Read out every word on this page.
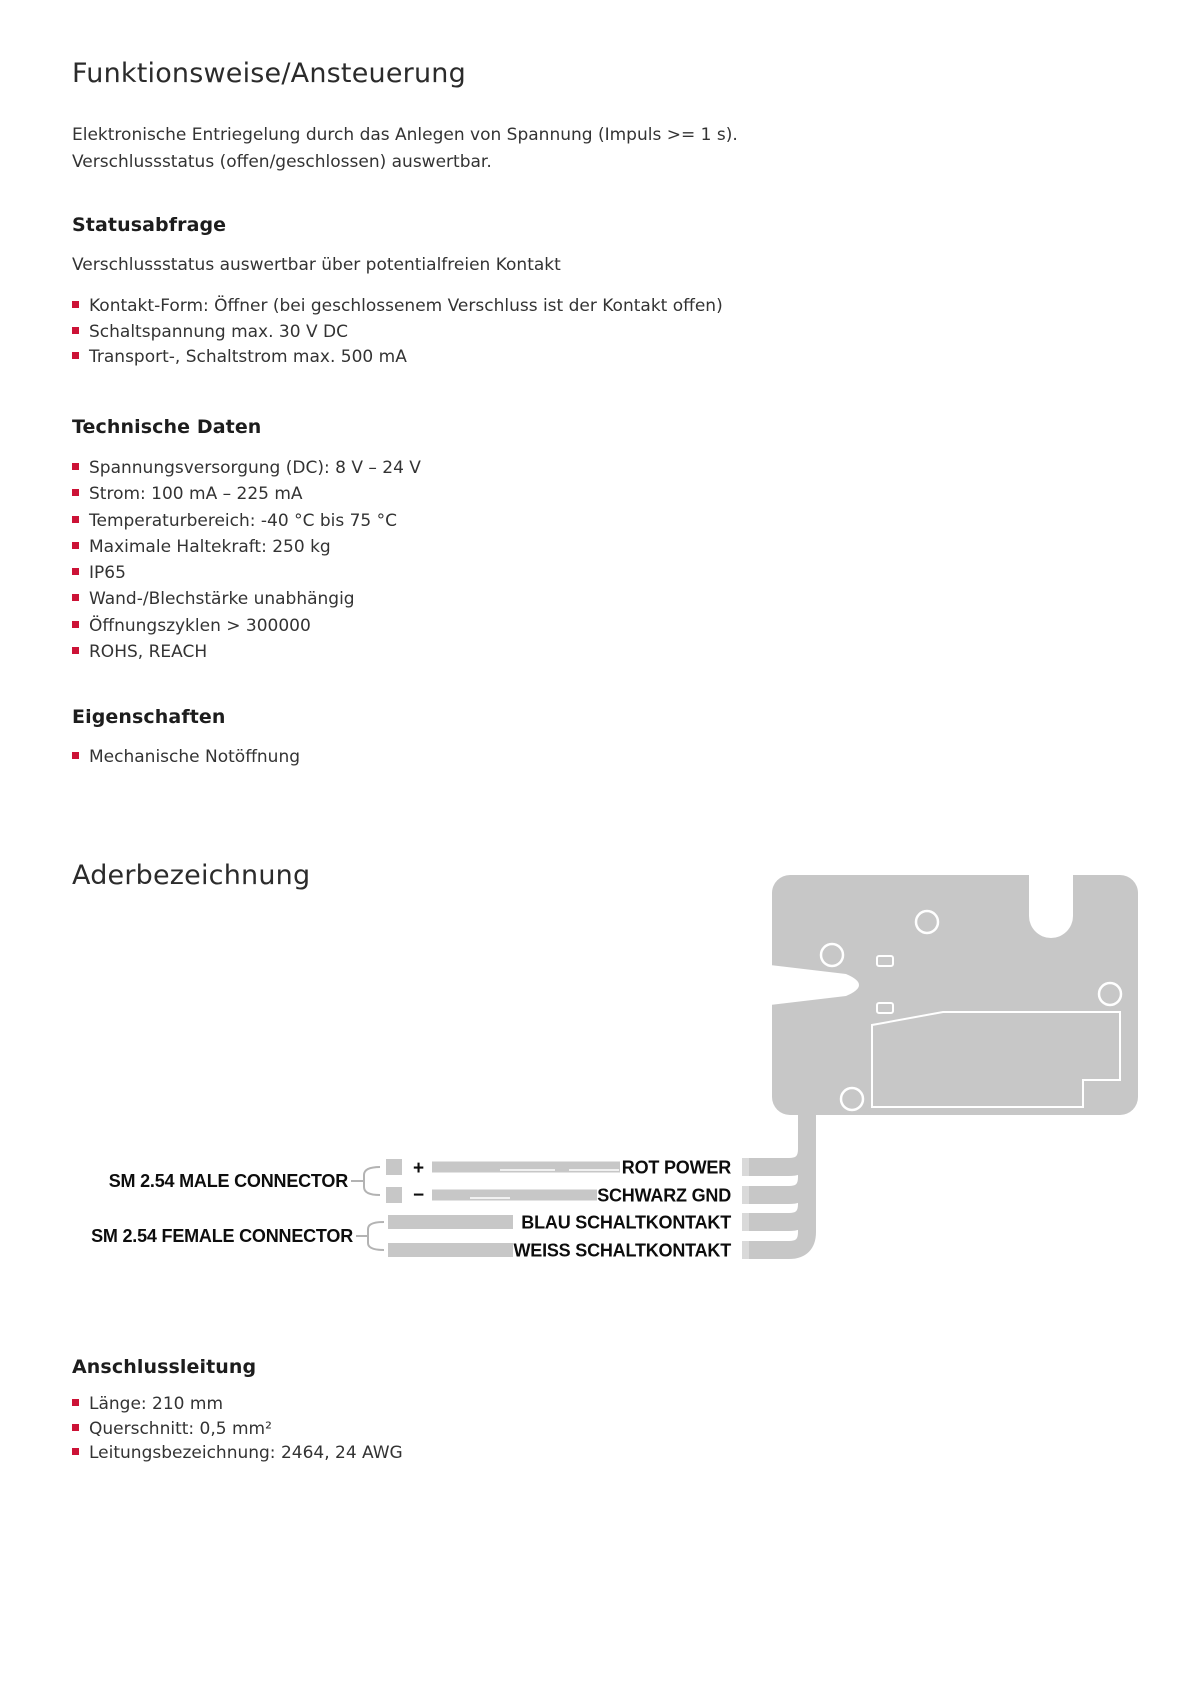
Funktionsweise/Ansteuerung
Elektronische Entriegelung durch das Anlegen von Spannung (Impuls >= 1 s).
Verschlussstatus (offen/geschlossen) auswertbar.
Statusabfrage
Verschlussstatus auswertbar über potentialfreien Kontakt
Kontakt-Form: Öffner (bei geschlossenem Verschluss ist der Kontakt offen)
Schaltspannung max. 30 V DC
Transport-, Schaltstrom max. 500 mA
Technische Daten
Spannungsversorgung (DC): 8 V – 24 V
Strom: 100 mA – 225 mA
Temperaturbereich: -40 °C bis 75 °C
Maximale Haltekraft: 250 kg
IP65
Wand-/Blechstärke unabhängig
Öffnungszyklen > 300000
ROHS, REACH
Eigenschaften
Mechanische Notöffnung
Aderbezeichnung
+
−
SM 2.54 MALE CONNECTOR
SM 2.54 FEMALE CONNECTOR
ROT POWER
SCHWARZ GND
BLAU SCHALTKONTAKT
WEISS SCHALTKONTAKT
Anschlussleitung
Länge: 210 mm
Querschnitt: 0,5 mm²
Leitungsbezeichnung: 2464, 24 AWG
